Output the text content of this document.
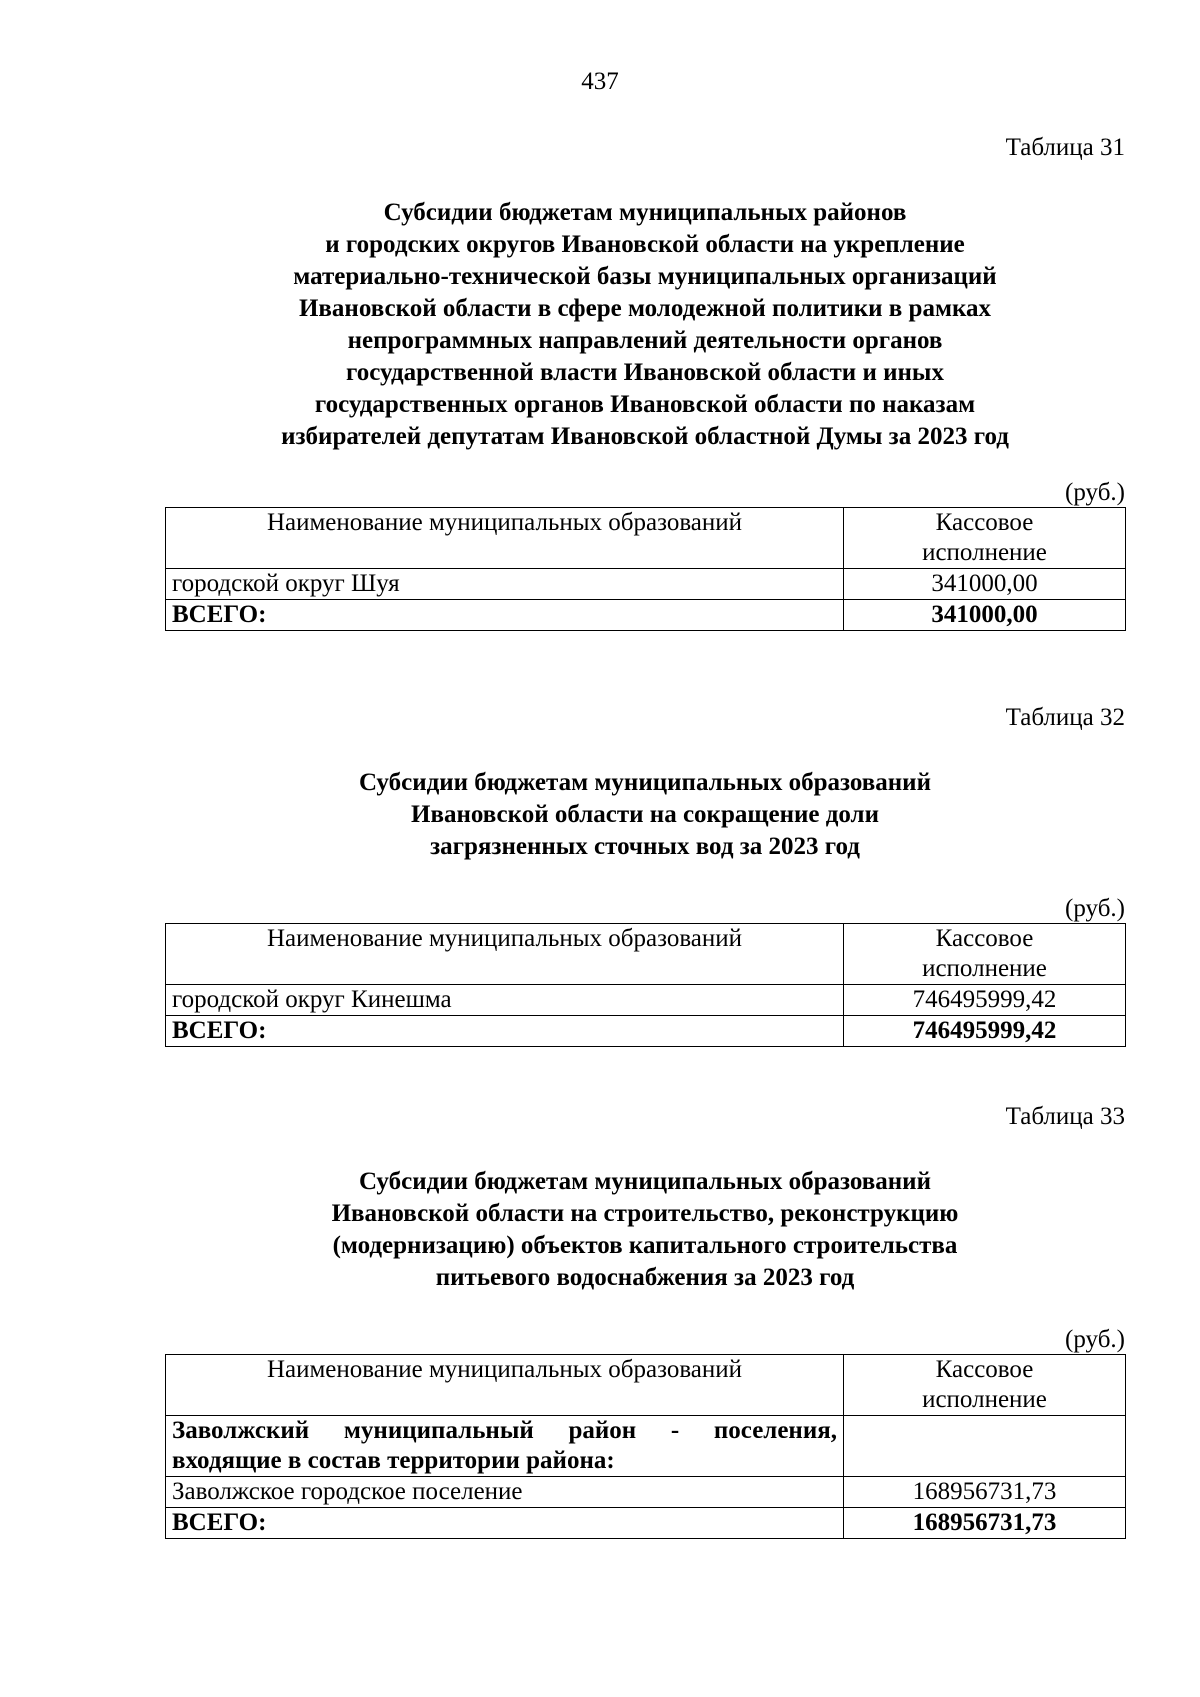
437
Таблица 31
Субсидии бюджетам муниципальных районов
и городских округов Ивановской области на укрепление
материально-технической базы муниципальных организаций
Ивановской области в сфере молодежной политики в рамках
непрограммных направлений деятельности органов
государственной власти Ивановской области и иных
государственных органов Ивановской области по наказам
избирателей депутатам Ивановской областной Думы за 2023 год
(руб.)
Наименование муниципальных образований	Кассовое
исполнение
городской округ Шуя	341000,00
ВСЕГО:	341000,00
Таблица 32
Субсидии бюджетам муниципальных образований
Ивановской области на сокращение доли
загрязненных сточных вод за 2023 год
(руб.)
Наименование муниципальных образований	Кассовое
исполнение
городской округ Кинешма	746495999,42
ВСЕГО:	746495999,42
Таблица 33
Субсидии бюджетам муниципальных образований
Ивановской области на строительство, реконструкцию
(модернизацию) объектов капитального строительства
питьевого водоснабжения за 2023 год
(руб.)
Наименование муниципальных образований	Кассовое
исполнение

Заволжский муниципальный район - поселения,
входящие в состав территории района:	

Заволжское городское поселение	168956731,73
ВСЕГО:	168956731,73
